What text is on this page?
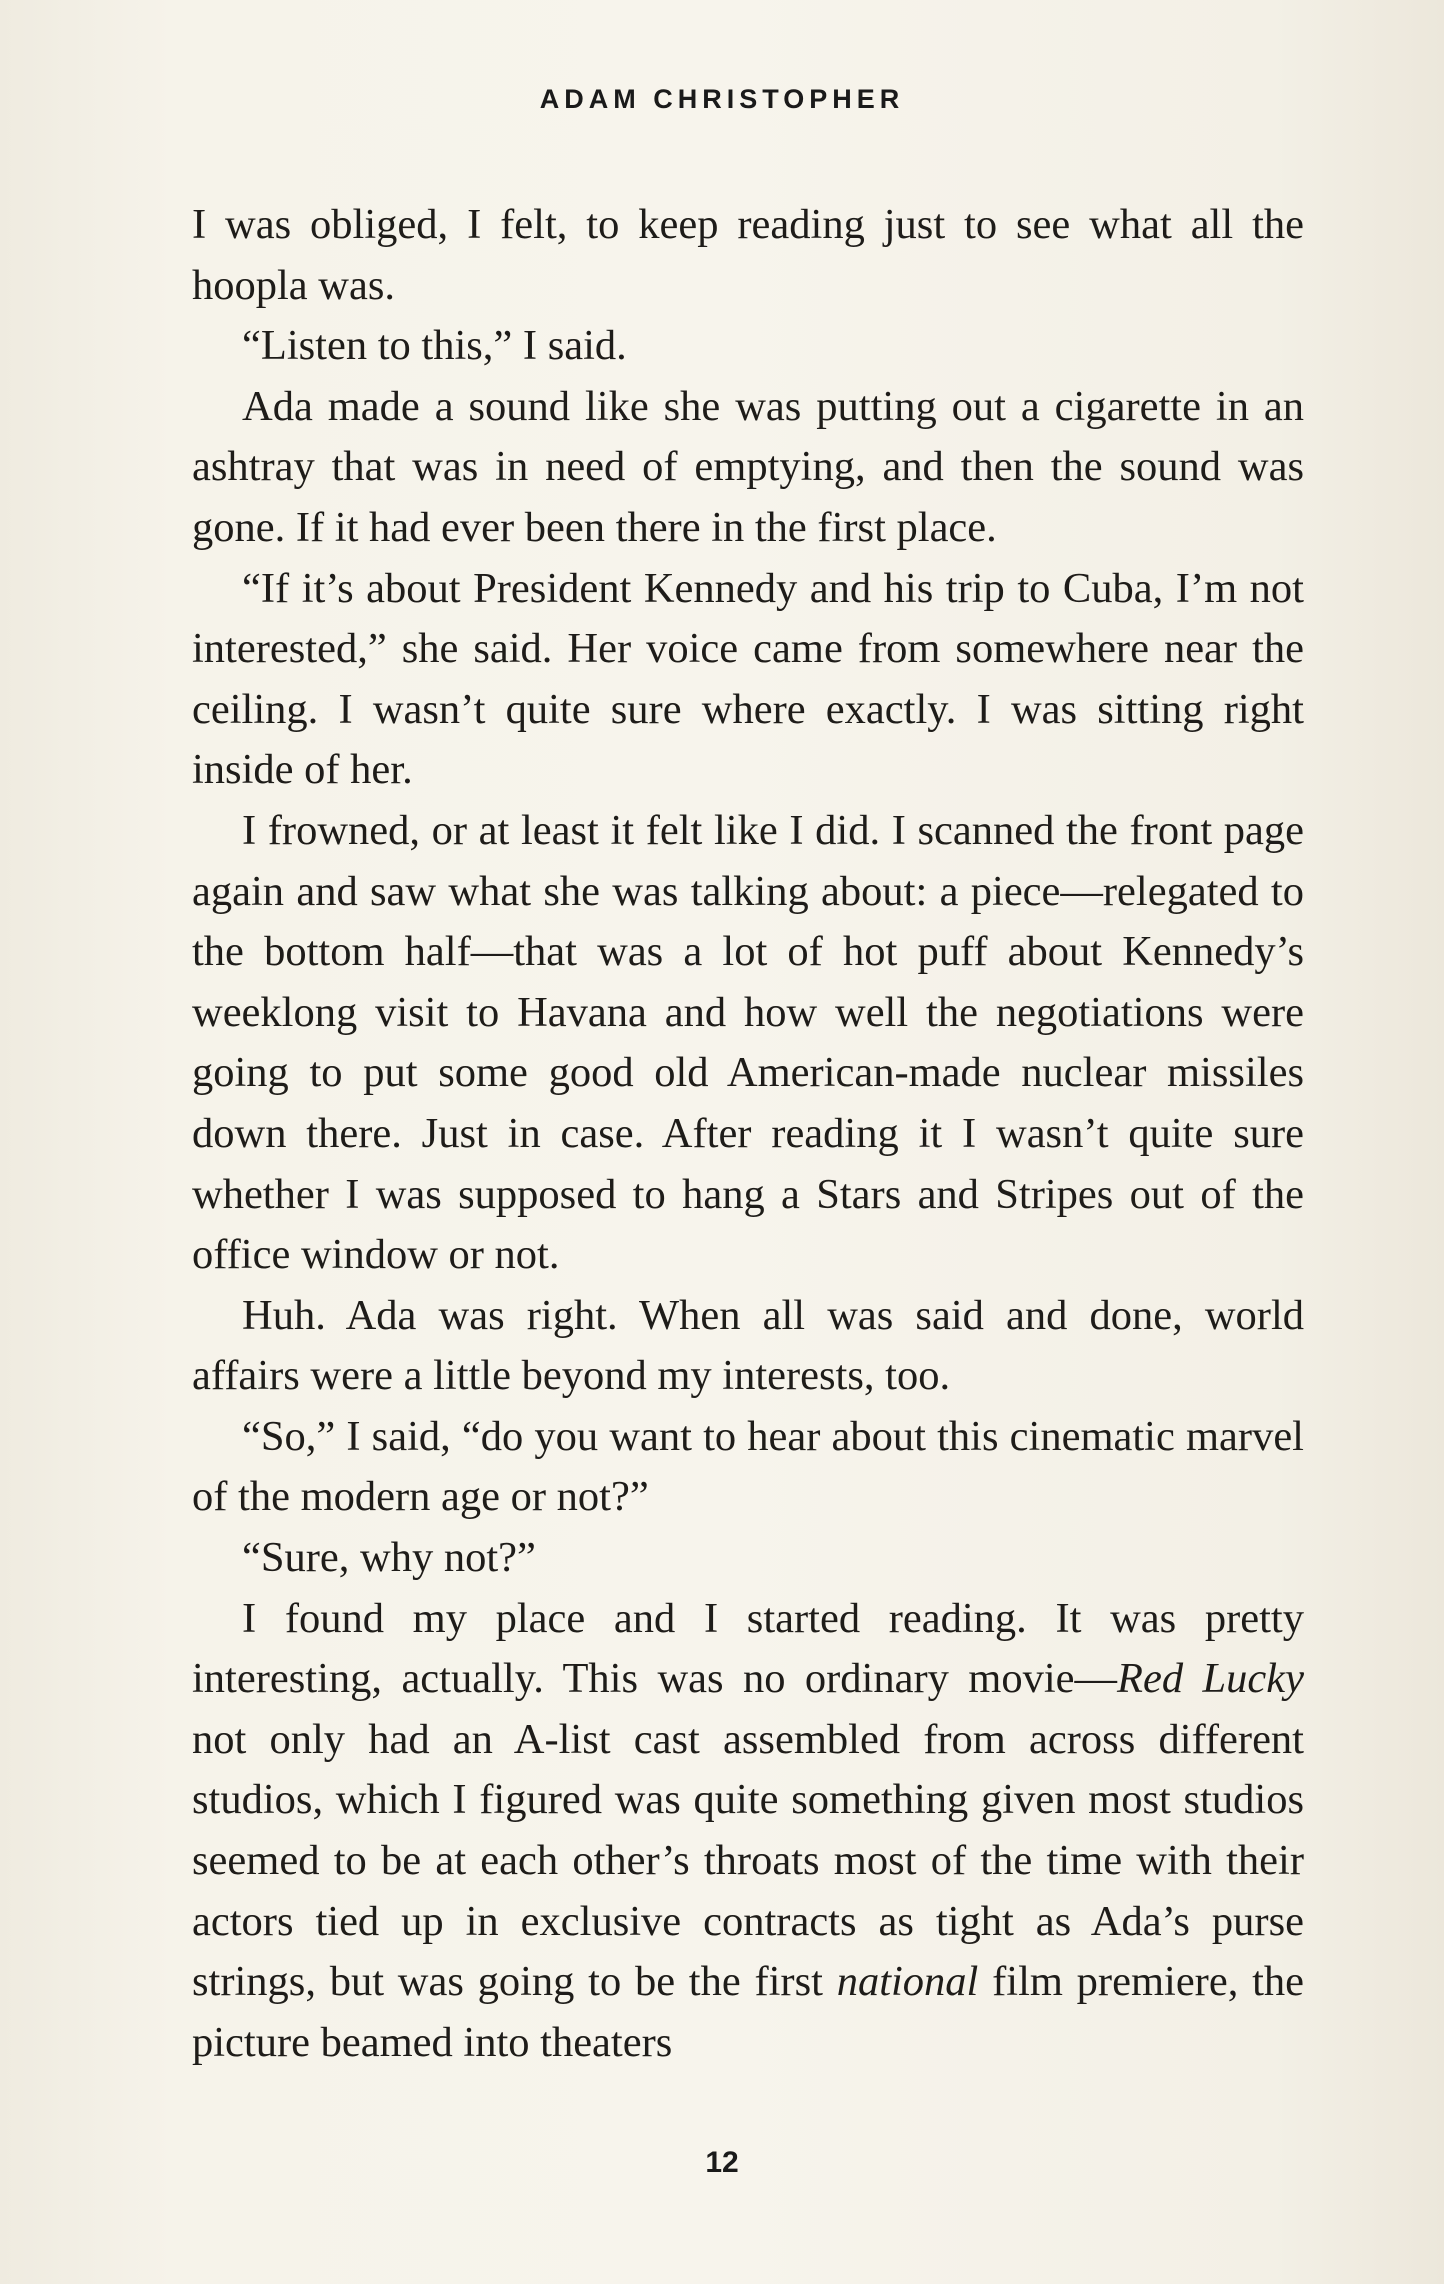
ADAM CHRISTOPHER

I was obliged, I felt, to keep reading just to see what all the hoopla was.

“Listen to this,” I said.

Ada made a sound like she was putting out a cigarette in an ashtray that was in need of emptying, and then the sound was gone. If it had ever been there in the first place.

“If it’s about President Kennedy and his trip to Cuba, I’m not interested,” she said. Her voice came from somewhere near the ceiling. I wasn’t quite sure where exactly. I was sitting right inside of her.

I frowned, or at least it felt like I did. I scanned the front page again and saw what she was talking about: a piece—relegated to the bottom half—that was a lot of hot puff about Kennedy’s weeklong visit to Havana and how well the negotiations were going to put some good old American-made nuclear missiles down there. Just in case. After reading it I wasn’t quite sure whether I was supposed to hang a Stars and Stripes out of the office window or not.

Huh. Ada was right. When all was said and done, world affairs were a little beyond my interests, too.

“So,” I said, “do you want to hear about this cinematic marvel of the modern age or not?”

“Sure, why not?”

I found my place and I started reading. It was pretty interesting, actually. This was no ordinary movie—Red Lucky not only had an A-list cast assembled from across different studios, which I figured was quite something given most studios seemed to be at each other’s throats most of the time with their actors tied up in exclusive contracts as tight as Ada’s purse strings, but was going to be the first national film premiere, the picture beamed into theaters

12
